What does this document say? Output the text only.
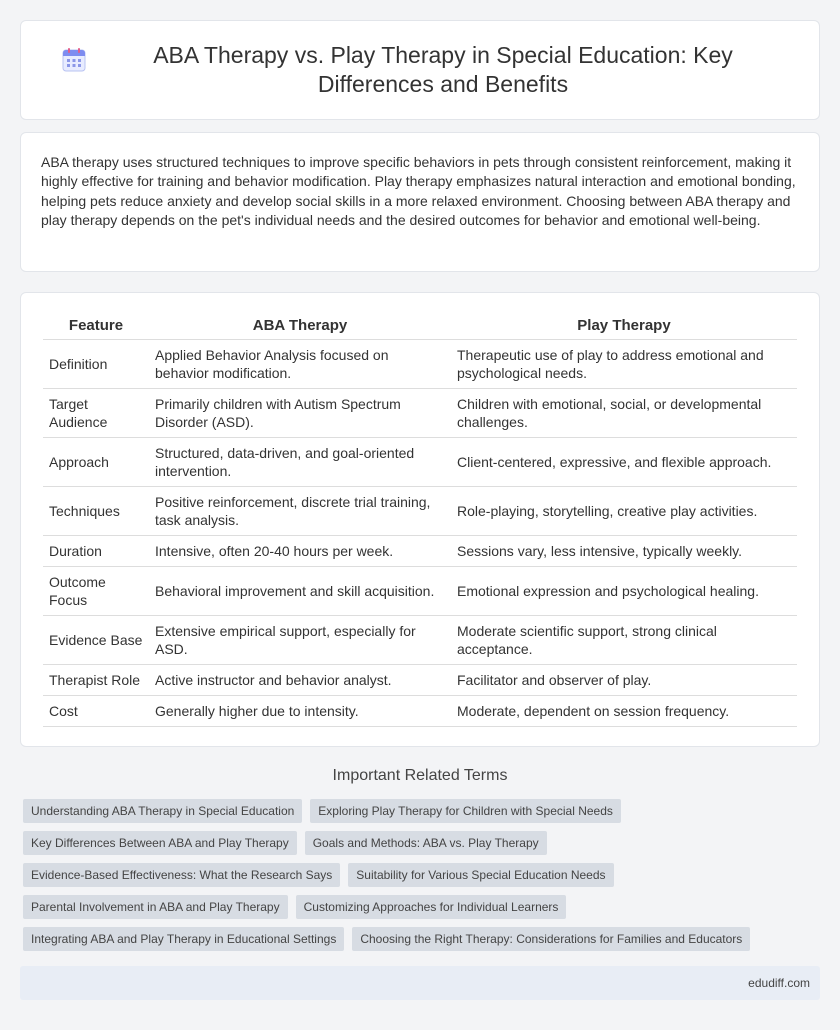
ABA Therapy vs. Play Therapy in Special Education: Key Differences and Benefits

ABA therapy uses structured techniques to improve specific behaviors in pets through consistent reinforcement, making it highly effective for training and behavior modification. Play therapy emphasizes natural interaction and emotional bonding, helping pets reduce anxiety and develop social skills in a more relaxed environment. Choosing between ABA therapy and play therapy depends on the pet's individual needs and the desired outcomes for behavior and emotional well-being.

Feature	ABA Therapy	Play Therapy
Definition	Applied Behavior Analysis focused on behavior modification.	Therapeutic use of play to address emotional and psychological needs.
Target Audience	Primarily children with Autism Spectrum Disorder (ASD).	Children with emotional, social, or developmental challenges.
Approach	Structured, data-driven, and goal-oriented intervention.	Client-centered, expressive, and flexible approach.
Techniques	Positive reinforcement, discrete trial training, task analysis.	Role-playing, storytelling, creative play activities.
Duration	Intensive, often 20-40 hours per week.	Sessions vary, less intensive, typically weekly.
Outcome Focus	Behavioral improvement and skill acquisition.	Emotional expression and psychological healing.
Evidence Base	Extensive empirical support, especially for ASD.	Moderate scientific support, strong clinical acceptance.
Therapist Role	Active instructor and behavior analyst.	Facilitator and observer of play.
Cost	Generally higher due to intensity.	Moderate, dependent on session frequency.
Important Related Terms
Understanding ABA Therapy in Special Education	Exploring Play Therapy for Children with Special Needs
Key Differences Between ABA and Play Therapy	Goals and Methods: ABA vs. Play Therapy
Evidence-Based Effectiveness: What the Research Says	Suitability for Various Special Education Needs
Parental Involvement in ABA and Play Therapy	Customizing Approaches for Individual Learners
Integrating ABA and Play Therapy in Educational Settings	Choosing the Right Therapy: Considerations for Families and Educators
edudiff.com
